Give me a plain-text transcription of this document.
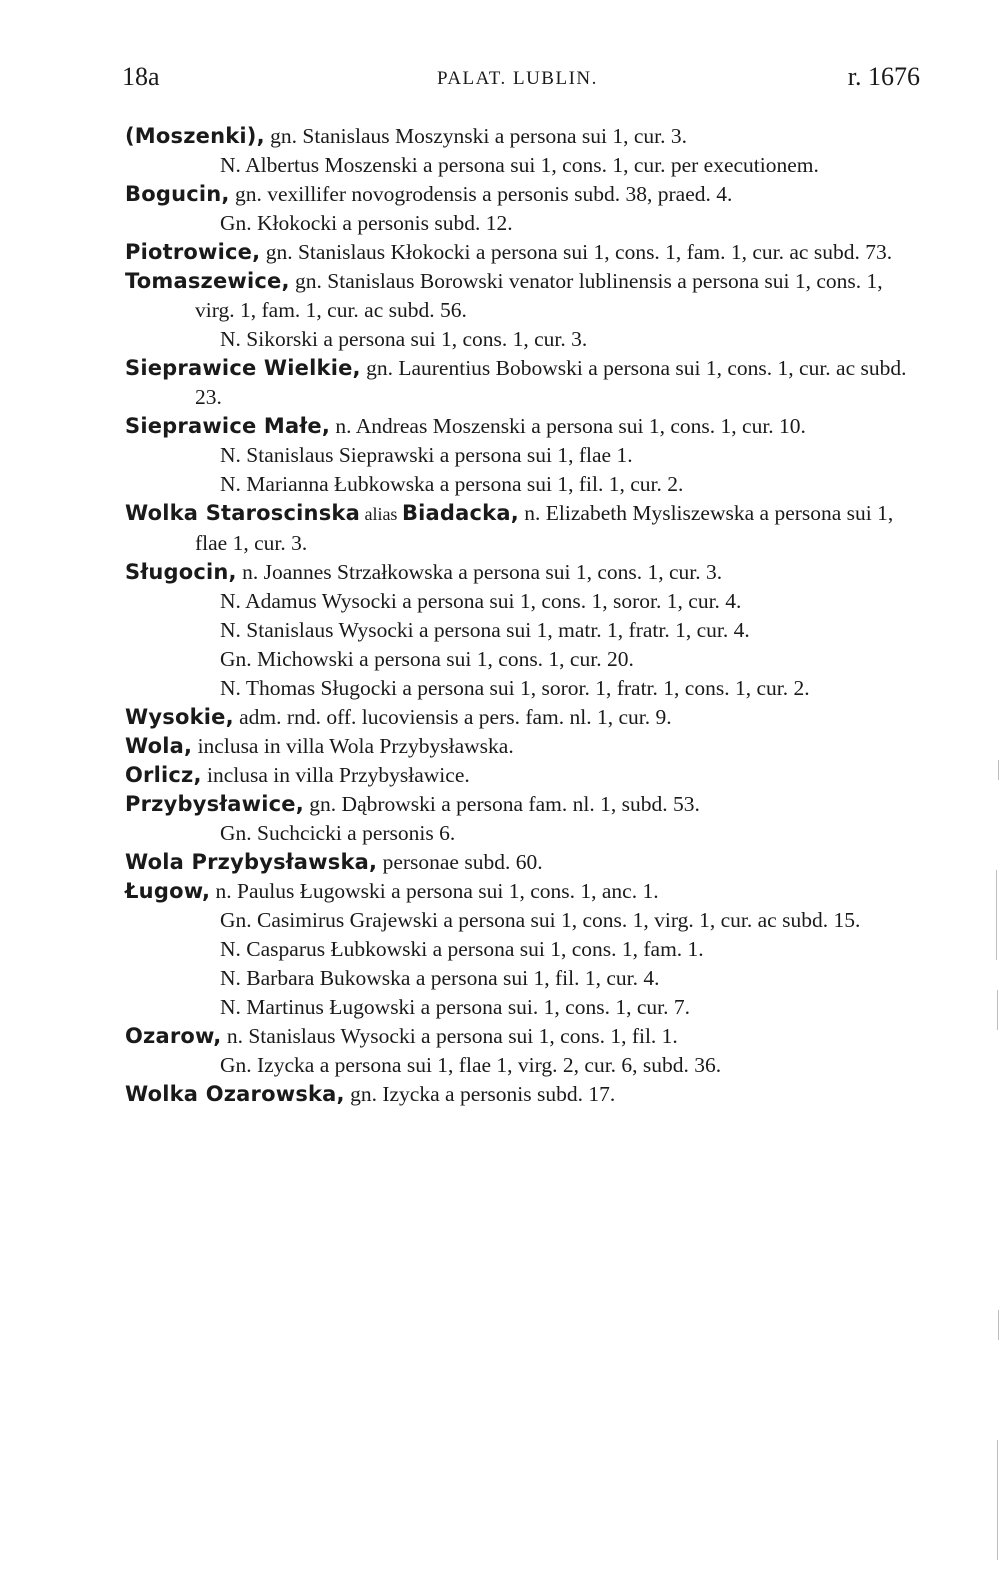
18a	PALAT. LUBLIN.	r. 1676

(Moszenki), gn. Stanislaus Moszynski a persona sui 1, cur. 3.

N. Albertus Moszenski a persona sui 1, cons. 1, cur. per executionem.

Bogucin, gn. vexillifer novogrodensis a personis subd. 38, praed. 4.

Gn. Kłokocki a personis subd. 12.

Piotrowice, gn. Stanislaus Kłokocki a persona sui 1, cons. 1, fam. 1, cur. ac subd. 73.

Tomaszewice, gn. Stanislaus Borowski venator lublinensis a persona sui 1, cons. 1, virg. 1, fam. 1, cur. ac subd. 56.

N. Sikorski a persona sui 1, cons. 1, cur. 3.

Sieprawice Wielkie, gn. Laurentius Bobowski a persona sui 1, cons. 1, cur. ac subd. 23.

Sieprawice Małe, n. Andreas Moszenski a persona sui 1, cons. 1, cur. 10.

N. Stanislaus Sieprawski a persona sui 1, flae 1.

N. Marianna Łubkowska a persona sui 1, fil. 1, cur. 2.

Wolka Staroscinska alias Biadacka, n. Elizabeth Mysliszewska a persona sui 1, flae 1, cur. 3.

Sługocin, n. Joannes Strzałkowska a persona sui 1, cons. 1, cur. 3.

N. Adamus Wysocki a persona sui 1, cons. 1, soror. 1, cur. 4.

N. Stanislaus Wysocki a persona sui 1, matr. 1, fratr. 1, cur. 4.

Gn. Michowski a persona sui 1, cons. 1, cur. 20.

N. Thomas Sługocki a persona sui 1, soror. 1, fratr. 1, cons. 1, cur. 2.

Wysokie, adm. rnd. off. lucoviensis a pers. fam. nl. 1, cur. 9.

Wola, inclusa in villa Wola Przybysławska.

Orlicz, inclusa in villa Przybysławice.

Przybysławice, gn. Dąbrowski a persona fam. nl. 1, subd. 53.

Gn. Suchcicki a personis 6.

Wola Przybysławska, personae subd. 60.

Ługow, n. Paulus Ługowski a persona sui 1, cons. 1, anc. 1.

Gn. Casimirus Grajewski a persona sui 1, cons. 1, virg. 1, cur. ac subd. 15.

N. Casparus Łubkowski a persona sui 1, cons. 1, fam. 1.

N. Barbara Bukowska a persona sui 1, fil. 1, cur. 4.

N. Martinus Ługowski a persona sui. 1, cons. 1, cur. 7.

Ozarow, n. Stanislaus Wysocki a persona sui 1, cons. 1, fil. 1.

Gn. Izycka a persona sui 1, flae 1, virg. 2, cur. 6, subd. 36.

Wolka Ozarowska, gn. Izycka a personis subd. 17.
